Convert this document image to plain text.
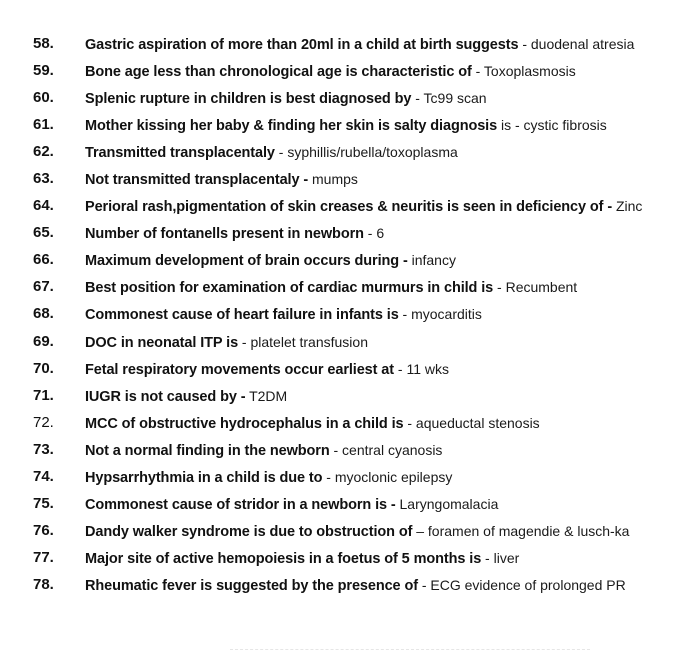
58.	Gastric aspiration of more than 20ml in a child at birth suggests - duodenal atresia
59.	Bone age less than chronological age is characteristic of - Toxoplasmosis
60.	Splenic rupture in children is best diagnosed by - Tc99 scan
61.	Mother kissing her baby & finding her skin is salty diagnosis is - cystic fibrosis
62.	Transmitted transplacentaly - syphillis/rubella/toxoplasma
63.	Not transmitted transplacentaly - mumps
64.	Perioral rash,pigmentation of skin creases & neuritis is seen in deficiency of - Zinc
65.	Number of fontanells present in newborn - 6
66.	Maximum development of brain occurs during - infancy
67.	Best position for examination of cardiac murmurs in child is - Recumbent
68.	Commonest cause of heart failure in infants is - myocarditis
69.	DOC in neonatal ITP is - platelet transfusion
70.	Fetal respiratory movements occur earliest at - 11 wks
71.	IUGR is not caused by - T2DM
72.	MCC of obstructive hydrocephalus in a child is - aqueductal stenosis
73.	Not a normal finding in the newborn - central cyanosis
74.	Hypsarrhythmia in a child is due to - myoclonic epilepsy
75.	Commonest cause of stridor in a newborn is - Laryngomalacia
76.	Dandy walker syndrome is due to obstruction of – foramen of magendie & lusch-ka
77.	Major site of active hemopoiesis in a foetus of 5 months is - liver
78.	Rheumatic fever is suggested by the presence of - ECG evidence of prolonged PR
